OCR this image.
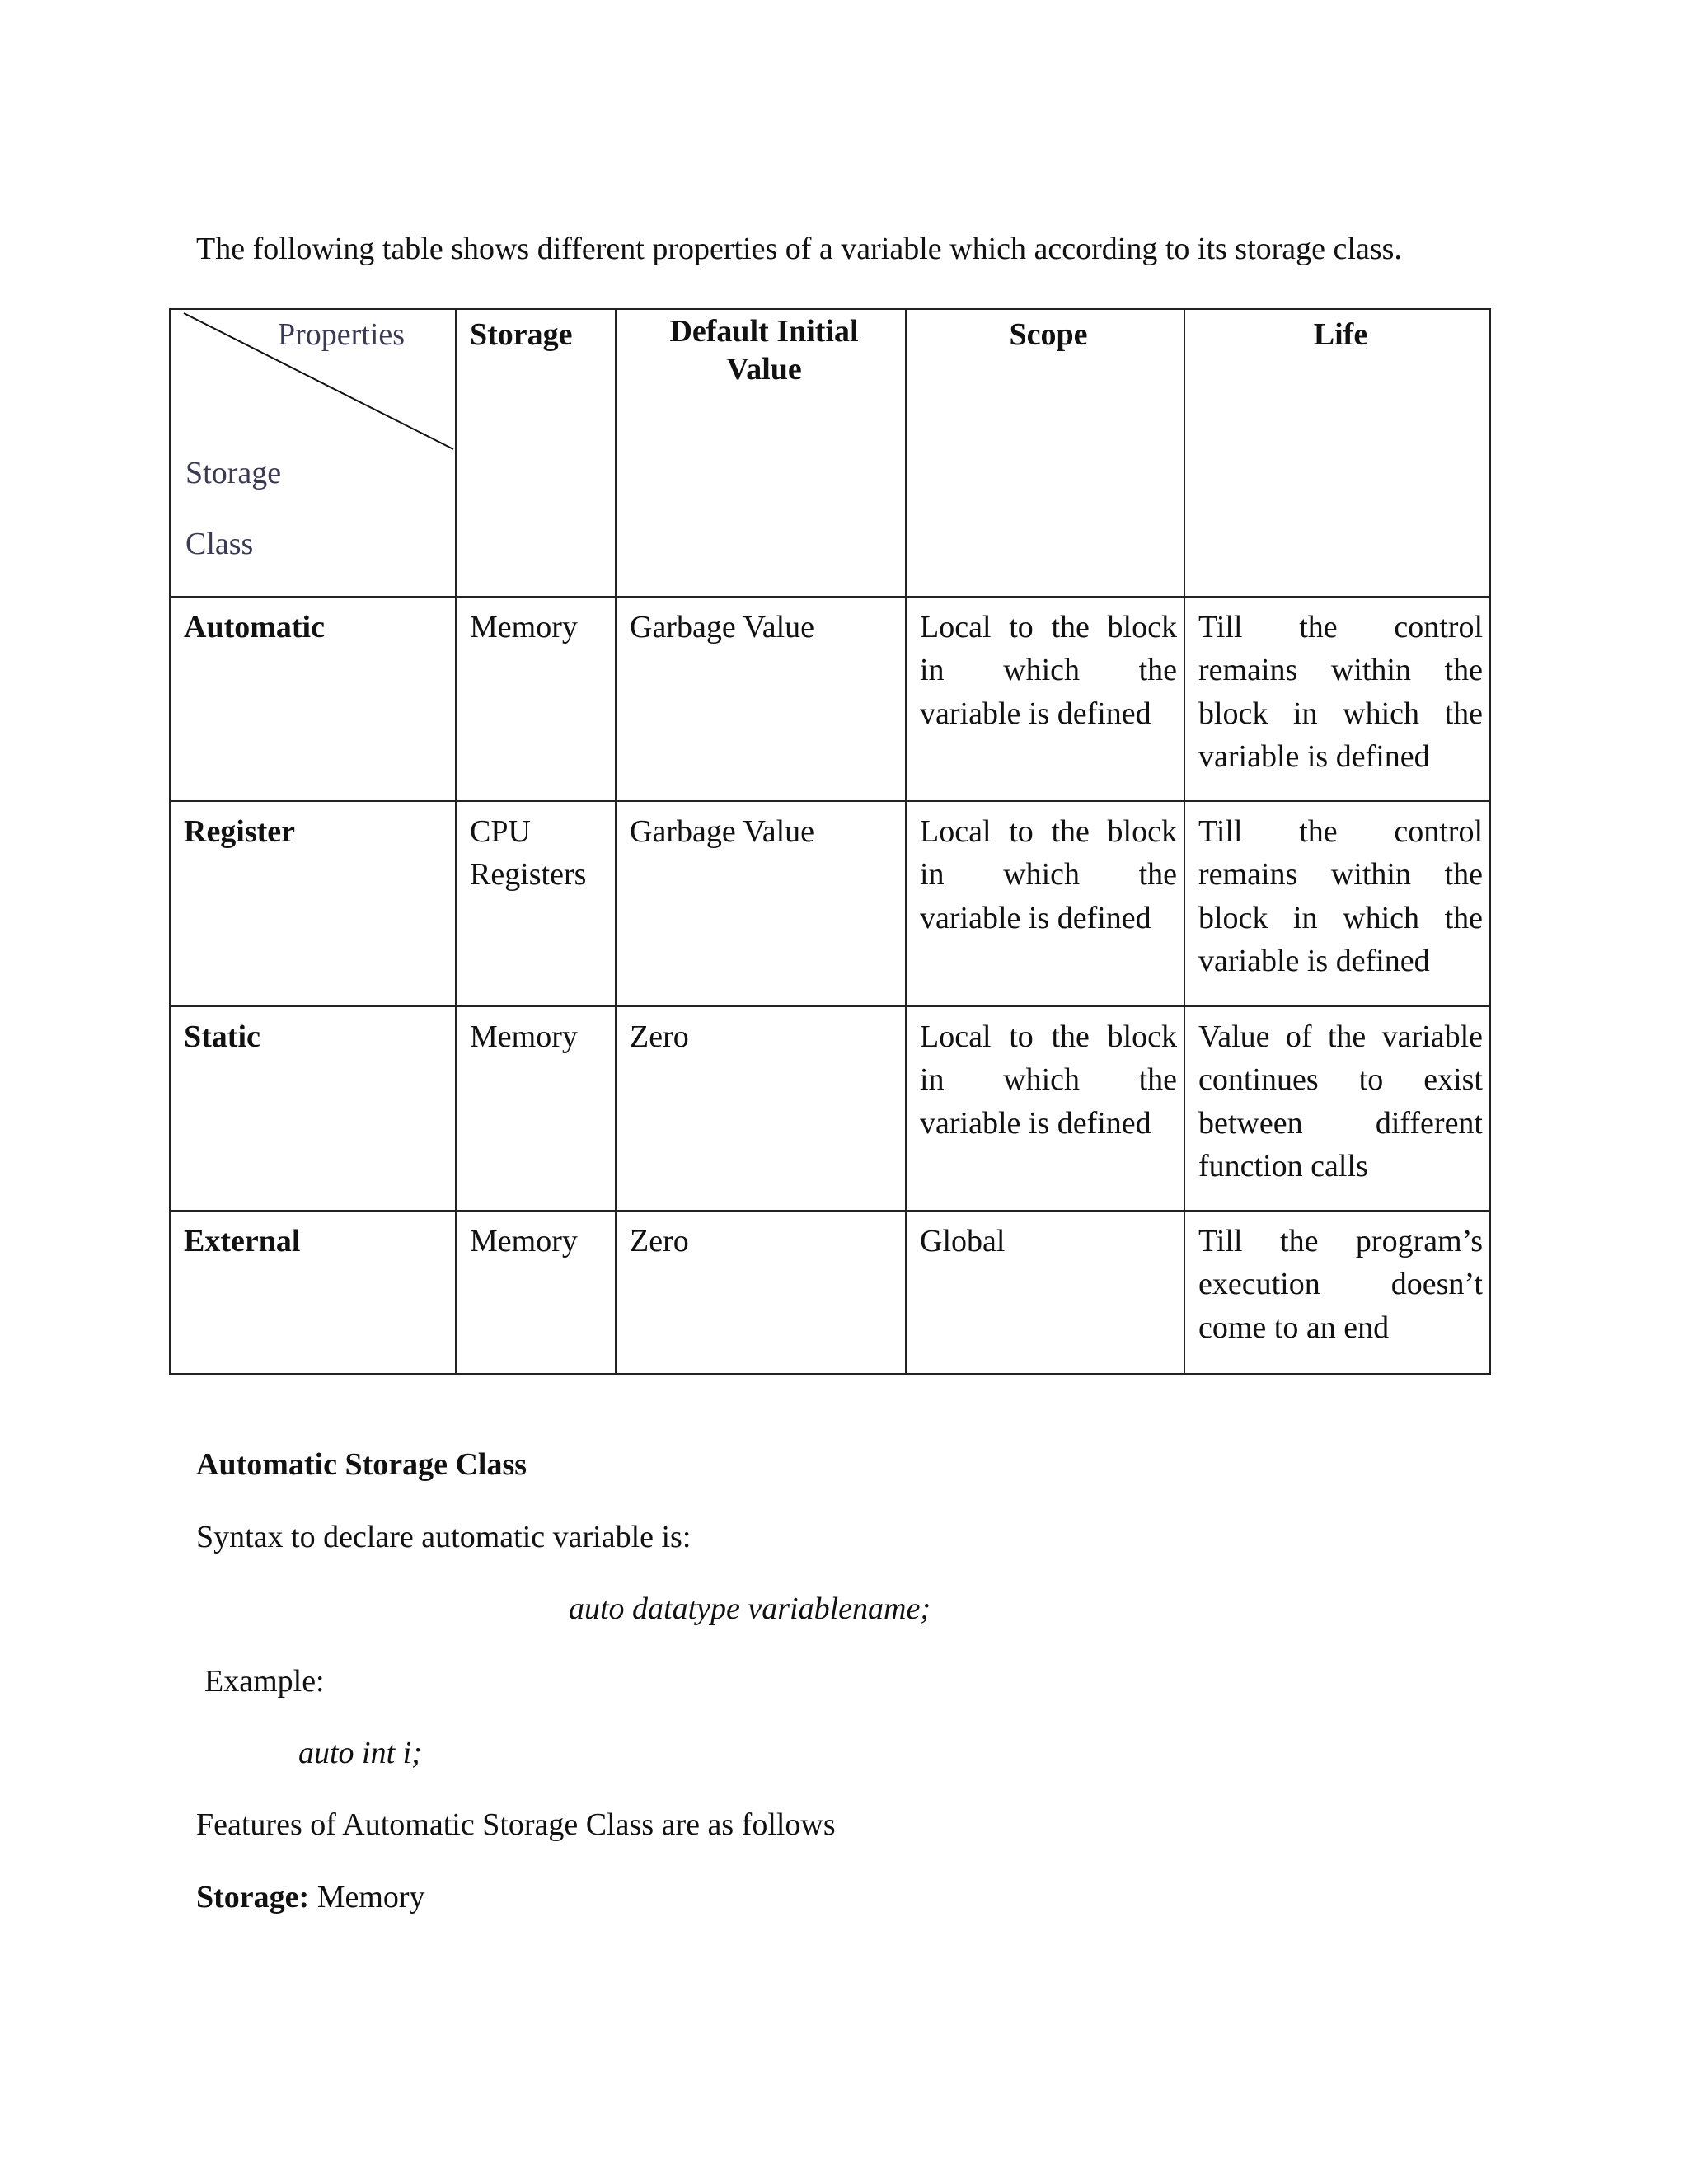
The following table shows different properties of a variable which according to its storage class.
Properties
Storage
Class	Storage	Default Initial Value	Scope	Life
Automatic	Memory	Garbage Value	Local to the block in which the variable is defined	Till the control remains within the block in which the variable is defined
Register	CPU Registers	Garbage Value	Local to the block in which the variable is defined	Till the control remains within the block in which the variable is defined
Static	Memory	Zero	Local to the block in which the variable is defined	Value of the variable continues to exist between different function calls
External	Memory	Zero	Global	Till the program’s execution doesn’t come to an end
Automatic Storage Class
Syntax to declare automatic variable is:
auto datatype variablename;
Example:
auto int i;
Features of Automatic Storage Class are as follows
Storage: Memory
